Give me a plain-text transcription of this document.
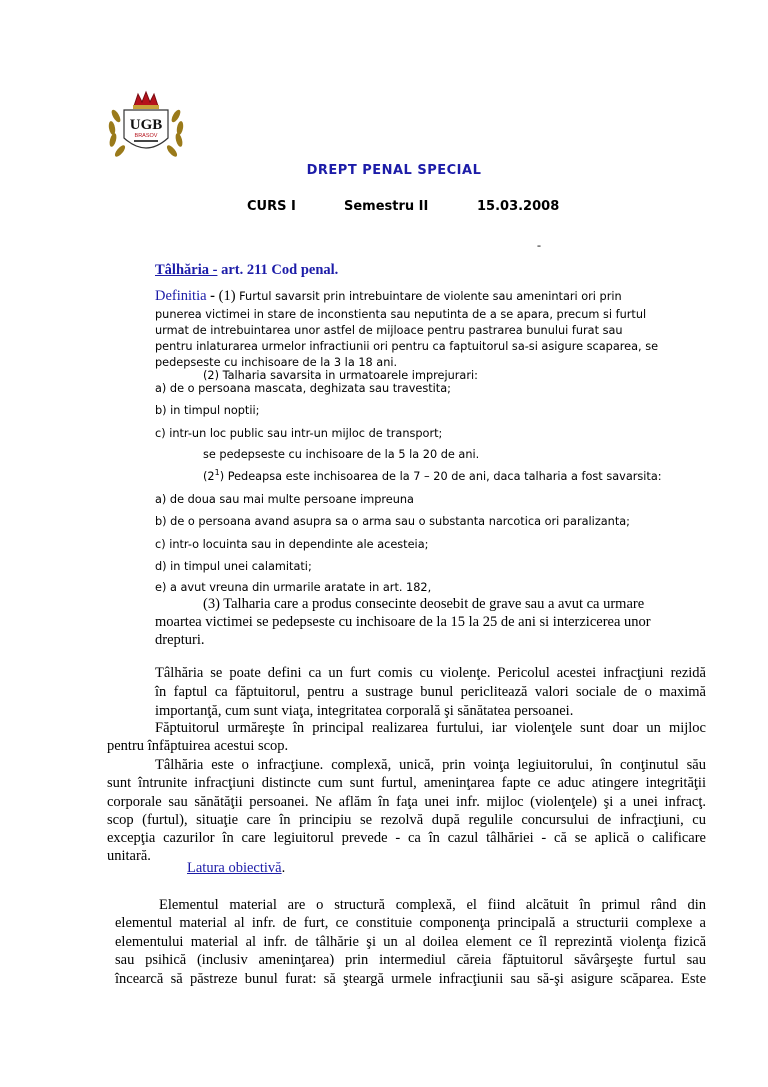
UGB
BRASOV
DREPT PENAL SPECIAL
CURS I	Semestru II	15.03.2008
-
Tâlhăria - art. 211 Cod penal.
Definitia - (1) Furtul savarsit prin intrebuintare de violente sau amenintari ori prin
punerea victimei in stare de inconstienta sau neputinta de a se apara, precum si furtul
urmat de intrebuintarea unor astfel de mijloace pentru pastrarea bunului furat sau
pentru inlaturarea urmelor infractiunii ori pentru ca faptuitorul sa-si asigure scaparea, se
pedepseste cu inchisoare de la 3 la 18 ani.
(2) Talharia savarsita in urmatoarele imprejurari:
a) de o persoana mascata, deghizata sau travestita;
b) in timpul noptii;
c) intr-un loc public sau intr-un mijloc de transport;
se pedepseste cu inchisoare de la 5 la 20 de ani.
$(2^1)$ Pedeapsa este inchisoarea de la 7 – 20 de ani, daca talharia a fost savarsita:
a) de doua sau mai multe persoane impreuna
b) de o persoana avand asupra sa o arma sau o substanta narcotica ori paralizanta;
c) intr-o locuinta sau in dependinte ale acesteia;
d) in timpul unei calamitati;
e) a avut vreuna din urmarile aratate in art. 182,
(3) Talharia care a produs consecinte deosebit de grave sau a avut ca urmare
moartea victimei se pedepseste cu inchisoare de la 15 la 25 de ani si interzicerea unor
drepturi.
Tâlhăria se poate defini ca un furt comis cu violenţe. Pericolul acestei infracţiuni rezidă
în faptul ca făptuitorul, pentru a sustrage bunul periclitează valori sociale de o maximă
importanţă, cum sunt viaţa, integritatea corporală şi sănătatea persoanei.
Făptuitorul urmăreşte în principal realizarea furtului, iar violenţele sunt doar un mijloc
pentru înfăptuirea acestui scop.
Tâlhăria este o infracţiune. complexă, unică, prin voinţa legiuitorului, în conţinutul său
sunt întrunite infracţiuni distincte cum sunt furtul, ameninţarea fapte ce aduc atingere integrităţii
corporale sau sănătăţii persoanei. Ne aflăm în faţa unei infr. mijloc (violenţele) şi a unei infracţ.
scop (furtul), situaţie care în principiu se rezolvă după regulile concursului de infracţiuni, cu
excepţia cazurilor în care legiuitorul prevede - ca în cazul tâlhăriei - că se aplică o calificare
unitară.
Latura obiectivă.
Elementul material are o structură complexă, el fiind alcătuit în primul rând din
elementul material al infr. de furt, ce constituie componenţa principală a structurii complexe a
elementului material al infr. de tâlhărie şi un al doilea element ce îl reprezintă violenţa fizică
sau psihică (inclusiv ameninţarea) prin intermediul căreia făptuitorul săvârşeşte furtul sau
încearcă să păstreze bunul furat: să şteargă urmele infracţiunii sau să-şi asigure scăparea. Este
